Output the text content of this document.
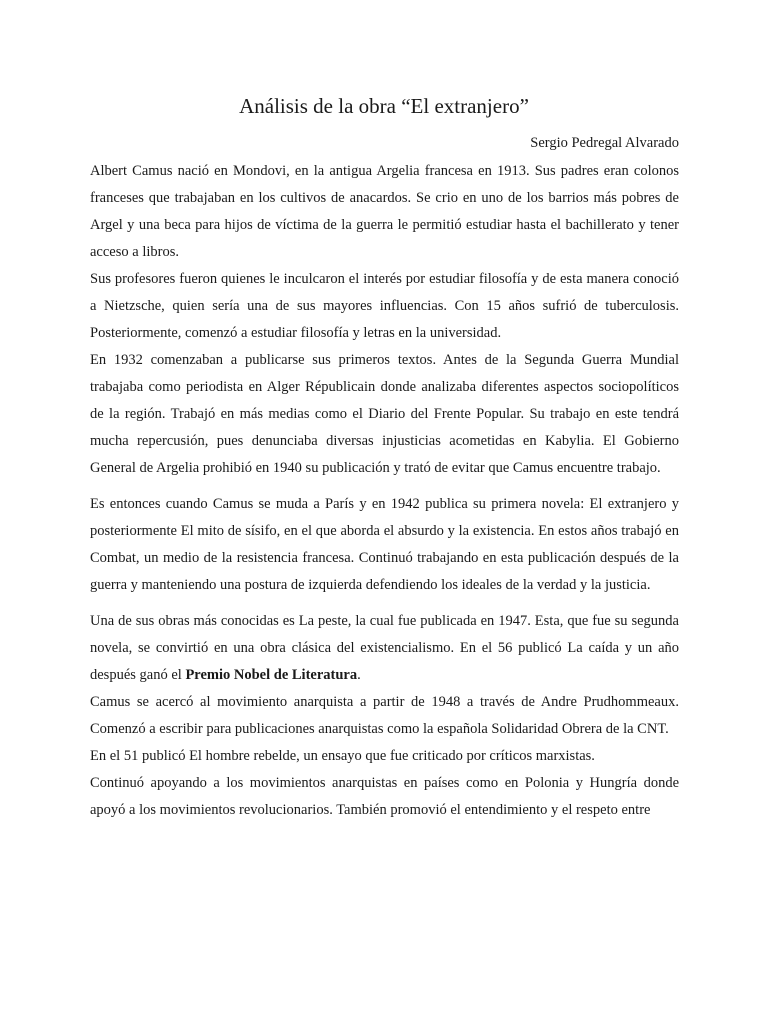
Análisis de la obra “El extranjero”

Sergio Pedregal Alvarado

Albert Camus nació en Mondovi, en la antigua Argelia francesa en 1913. Sus padres eran colonos franceses que trabajaban en los cultivos de anacardos. Se crio en uno de los barrios más pobres de Argel y una beca para hijos de víctima de la guerra le permitió estudiar hasta el bachillerato y tener acceso a libros.

Sus profesores fueron quienes le inculcaron el interés por estudiar filosofía y de esta manera conoció a Nietzsche, quien sería una de sus mayores influencias. Con 15 años sufrió de tuberculosis. Posteriormente, comenzó a estudiar filosofía y letras en la universidad.

En 1932 comenzaban a publicarse sus primeros textos. Antes de la Segunda Guerra Mundial trabajaba como periodista en Alger Républicain donde analizaba diferentes aspectos sociopolíticos de la región. Trabajó en más medias como el Diario del Frente Popular. Su trabajo en este tendrá mucha repercusión, pues denunciaba diversas injusticias acometidas en Kabylia. El Gobierno General de Argelia prohibió en 1940 su publicación y trató de evitar que Camus encuentre trabajo.

Es entonces cuando Camus se muda a París y en 1942 publica su primera novela: El extranjero y posteriormente El mito de sísifo, en el que aborda el absurdo y la existencia. En estos años trabajó en Combat, un medio de la resistencia francesa. Continuó trabajando en esta publicación después de la guerra y manteniendo una postura de izquierda defendiendo los ideales de la verdad y la justicia.

Una de sus obras más conocidas es La peste, la cual fue publicada en 1947. Esta, que fue su segunda novela, se convirtió en una obra clásica del existencialismo. En el 56 publicó La caída y un año después ganó el Premio Nobel de Literatura.

Camus se acercó al movimiento anarquista a partir de 1948 a través de Andre Prudhommeaux. Comenzó a escribir para publicaciones anarquistas como la española Solidaridad Obrera de la CNT.

En el 51 publicó El hombre rebelde, un ensayo que fue criticado por críticos marxistas.

Continuó apoyando a los movimientos anarquistas en países como en Polonia y Hungría donde apoyó a los movimientos revolucionarios. También promovió el entendimiento y el respeto entre
